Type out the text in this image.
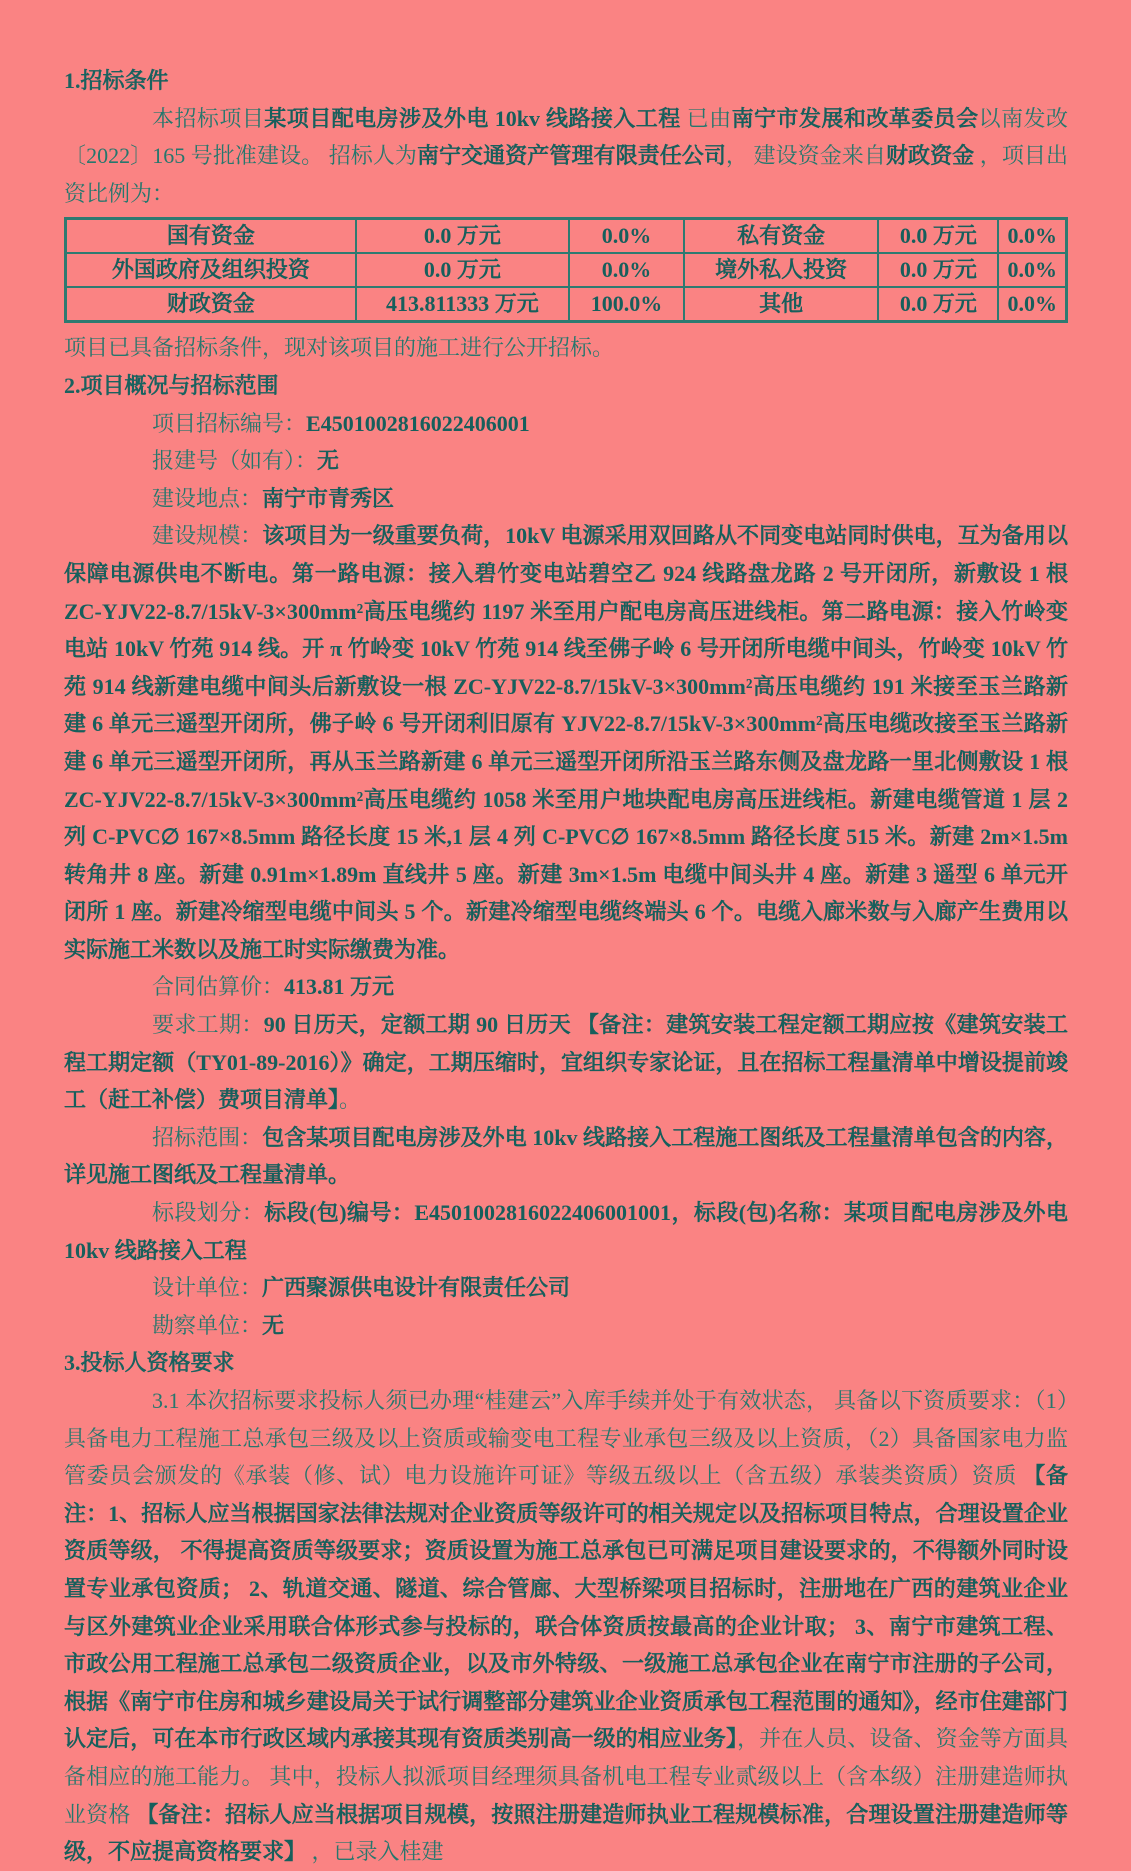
1.招标条件

本招标项目某项目配电房涉及外电 10kv 线路接入工程 已由南宁市发展和改革委员会以南发改〔2022〕165 号批准建设。 招标人为南宁交通资产管理有限责任公司， 建设资金来自财政资金 ，项目出资比例为：

国有资金	0.0 万元	0.0%	私有资金	0.0 万元	0.0%
外国政府及组织投资	0.0 万元	0.0%	境外私人投资	0.0 万元	0.0%
财政资金	413.811333 万元	100.0%	其他	0.0 万元	0.0%

项目已具备招标条件，现对该项目的施工进行公开招标。

2.项目概况与招标范围

项目招标编号：E4501002816022406001

报建号（如有）：无

建设地点：南宁市青秀区

建设规模：该项目为一级重要负荷，10kV 电源采用双回路从不同变电站同时供电，互为备用以保障电源供电不断电。第一路电源：接入碧竹变电站碧空乙 924 线路盘龙路 2 号开闭所，新敷设 1 根 ZC-YJV22-8.7/15kV-3×300mm²高压电缆约 1197 米至用户配电房高压进线柜。第二路电源：接入竹岭变电站 10kV 竹苑 914 线。开 π 竹岭变 10kV 竹苑 914 线至佛子岭 6 号开闭所电缆中间头，竹岭变 10kV 竹苑 914 线新建电缆中间头后新敷设一根 ZC-YJV22-8.7/15kV-3×300mm²高压电缆约 191 米接至玉兰路新建 6 单元三遥型开闭所，佛子岭 6 号开闭利旧原有 YJV22-8.7/15kV-3×300mm²高压电缆改接至玉兰路新建 6 单元三遥型开闭所，再从玉兰路新建 6 单元三遥型开闭所沿玉兰路东侧及盘龙路一里北侧敷设 1 根 ZC-YJV22-8.7/15kV-3×300mm²高压电缆约 1058 米至用户地块配电房高压进线柜。新建电缆管道 1 层 2 列 C-PVC∅ 167×8.5mm 路径长度 15 米,1 层 4 列 C-PVC∅ 167×8.5mm 路径长度 515 米。新建 2m×1.5m 转角井 8 座。新建 0.91m×1.89m 直线井 5 座。新建 3m×1.5m 电缆中间头井 4 座。新建 3 遥型 6 单元开闭所 1 座。新建冷缩型电缆中间头 5 个。新建冷缩型电缆终端头 6 个。电缆入廊米数与入廊产生费用以实际施工米数以及施工时实际缴费为准。

合同估算价：413.81 万元

要求工期：90 日历天，定额工期 90 日历天 【备注：建筑安装工程定额工期应按《建筑安装工程工期定额（TY01-89-2016）》确定，工期压缩时，宜组织专家论证，且在招标工程量清单中增设提前竣工（赶工补偿）费项目清单】。

招标范围：包含某项目配电房涉及外电 10kv 线路接入工程施工图纸及工程量清单包含的内容，详见施工图纸及工程量清单。

标段划分：标段(包)编号：E4501002816022406001001，标段(包)名称：某项目配电房涉及外电 10kv 线路接入工程

设计单位：广西聚源供电设计有限责任公司

勘察单位：无

3.投标人资格要求

3.1 本次招标要求投标人须已办理“桂建云”入库手续并处于有效状态， 具备以下资质要求：（1）具备电力工程施工总承包三级及以上资质或输变电工程专业承包三级及以上资质，（2）具备国家电力监管委员会颁发的《承装（修、试）电力设施许可证》等级五级以上（含五级）承装类资质）资质 【备注：1、招标人应当根据国家法律法规对企业资质等级许可的相关规定以及招标项目特点，合理设置企业资质等级， 不得提高资质等级要求；资质设置为施工总承包已可满足项目建设要求的，不得额外同时设置专业承包资质； 2、轨道交通、隧道、综合管廊、大型桥梁项目招标时，注册地在广西的建筑业企业与区外建筑业企业采用联合体形式参与投标的，联合体资质按最高的企业计取； 3、南宁市建筑工程、市政公用工程施工总承包二级资质企业，以及市外特级、一级施工总承包企业在南宁市注册的子公司，根据《南宁市住房和城乡建设局关于试行调整部分建筑业企业资质承包工程范围的通知》，经市住建部门认定后，可在本市行政区域内承接其现有资质类别高一级的相应业务】，并在人员、设备、资金等方面具备相应的施工能力。 其中，投标人拟派项目经理须具备机电工程专业贰级以上（含本级）注册建造师执业资格 【备注：招标人应当根据项目规模，按照注册建造师执业工程规模标准，合理设置注册建造师等级，不应提高资格要求】 ，已录入桂建
